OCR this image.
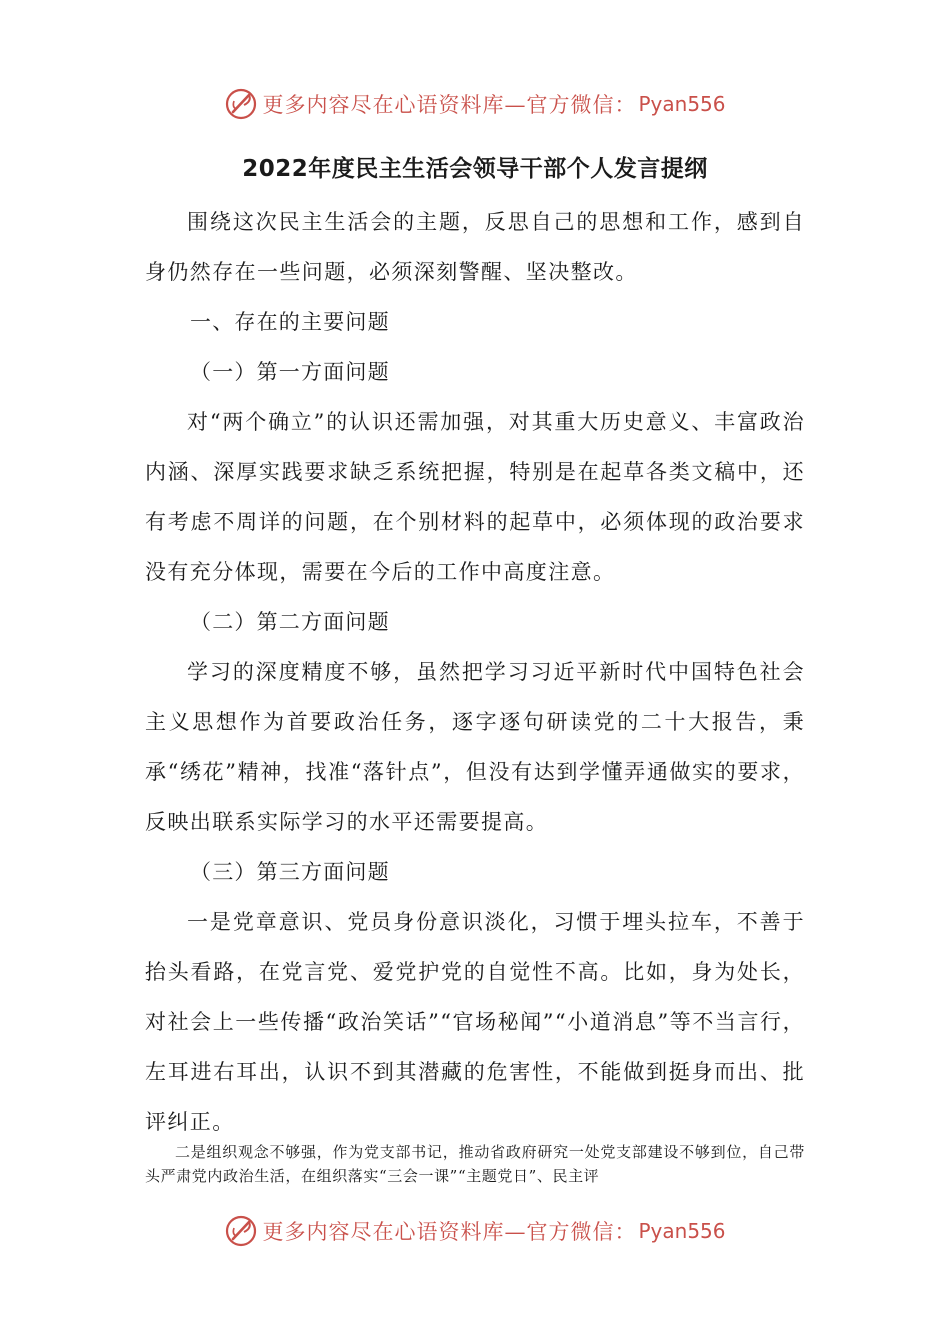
更多内容尽在心语资料库—官方微信： Pyan556
2022年度民主生活会领导干部个人发言提纲

围绕这次民主生活会的主题，反思自己的思想和工作，感到自身仍然存在一些问题，必须深刻警醒、坚决整改。

一、存在的主要问题

（一）第一方面问题

对“两个确立”的认识还需加强，对其重大历史意义、丰富政治内涵、深厚实践要求缺乏系统把握，特别是在起草各类文稿中，还有考虑不周详的问题，在个别材料的起草中，必须体现的政治要求没有充分体现，需要在今后的工作中高度注意。

（二）第二方面问题

学习的深度精度不够，虽然把学习习近平新时代中国特色社会主义思想作为首要政治任务，逐字逐句研读党的二十大报告，秉承“绣花”精神，找准“落针点”，但没有达到学懂弄通做实的要求，反映出联系实际学习的水平还需要提高。

（三）第三方面问题

一是党章意识、党员身份意识淡化，习惯于埋头拉车，不善于抬头看路，在党言党、爱党护党的自觉性不高。比如，身为处长，对社会上一些传播“政治笑话”“官场秘闻”“小道消息”等不当言行，左耳进右耳出，认识不到其潜藏的危害性，不能做到挺身而出、批评纠正。

二是组织观念不够强，作为党支部书记，推动省政府研究一处党支部建设不够到位，自己带头严肃党内政治生活，在组织落实“三会一课”“主题党日”、民主评

更多内容尽在心语资料库—官方微信： Pyan556
